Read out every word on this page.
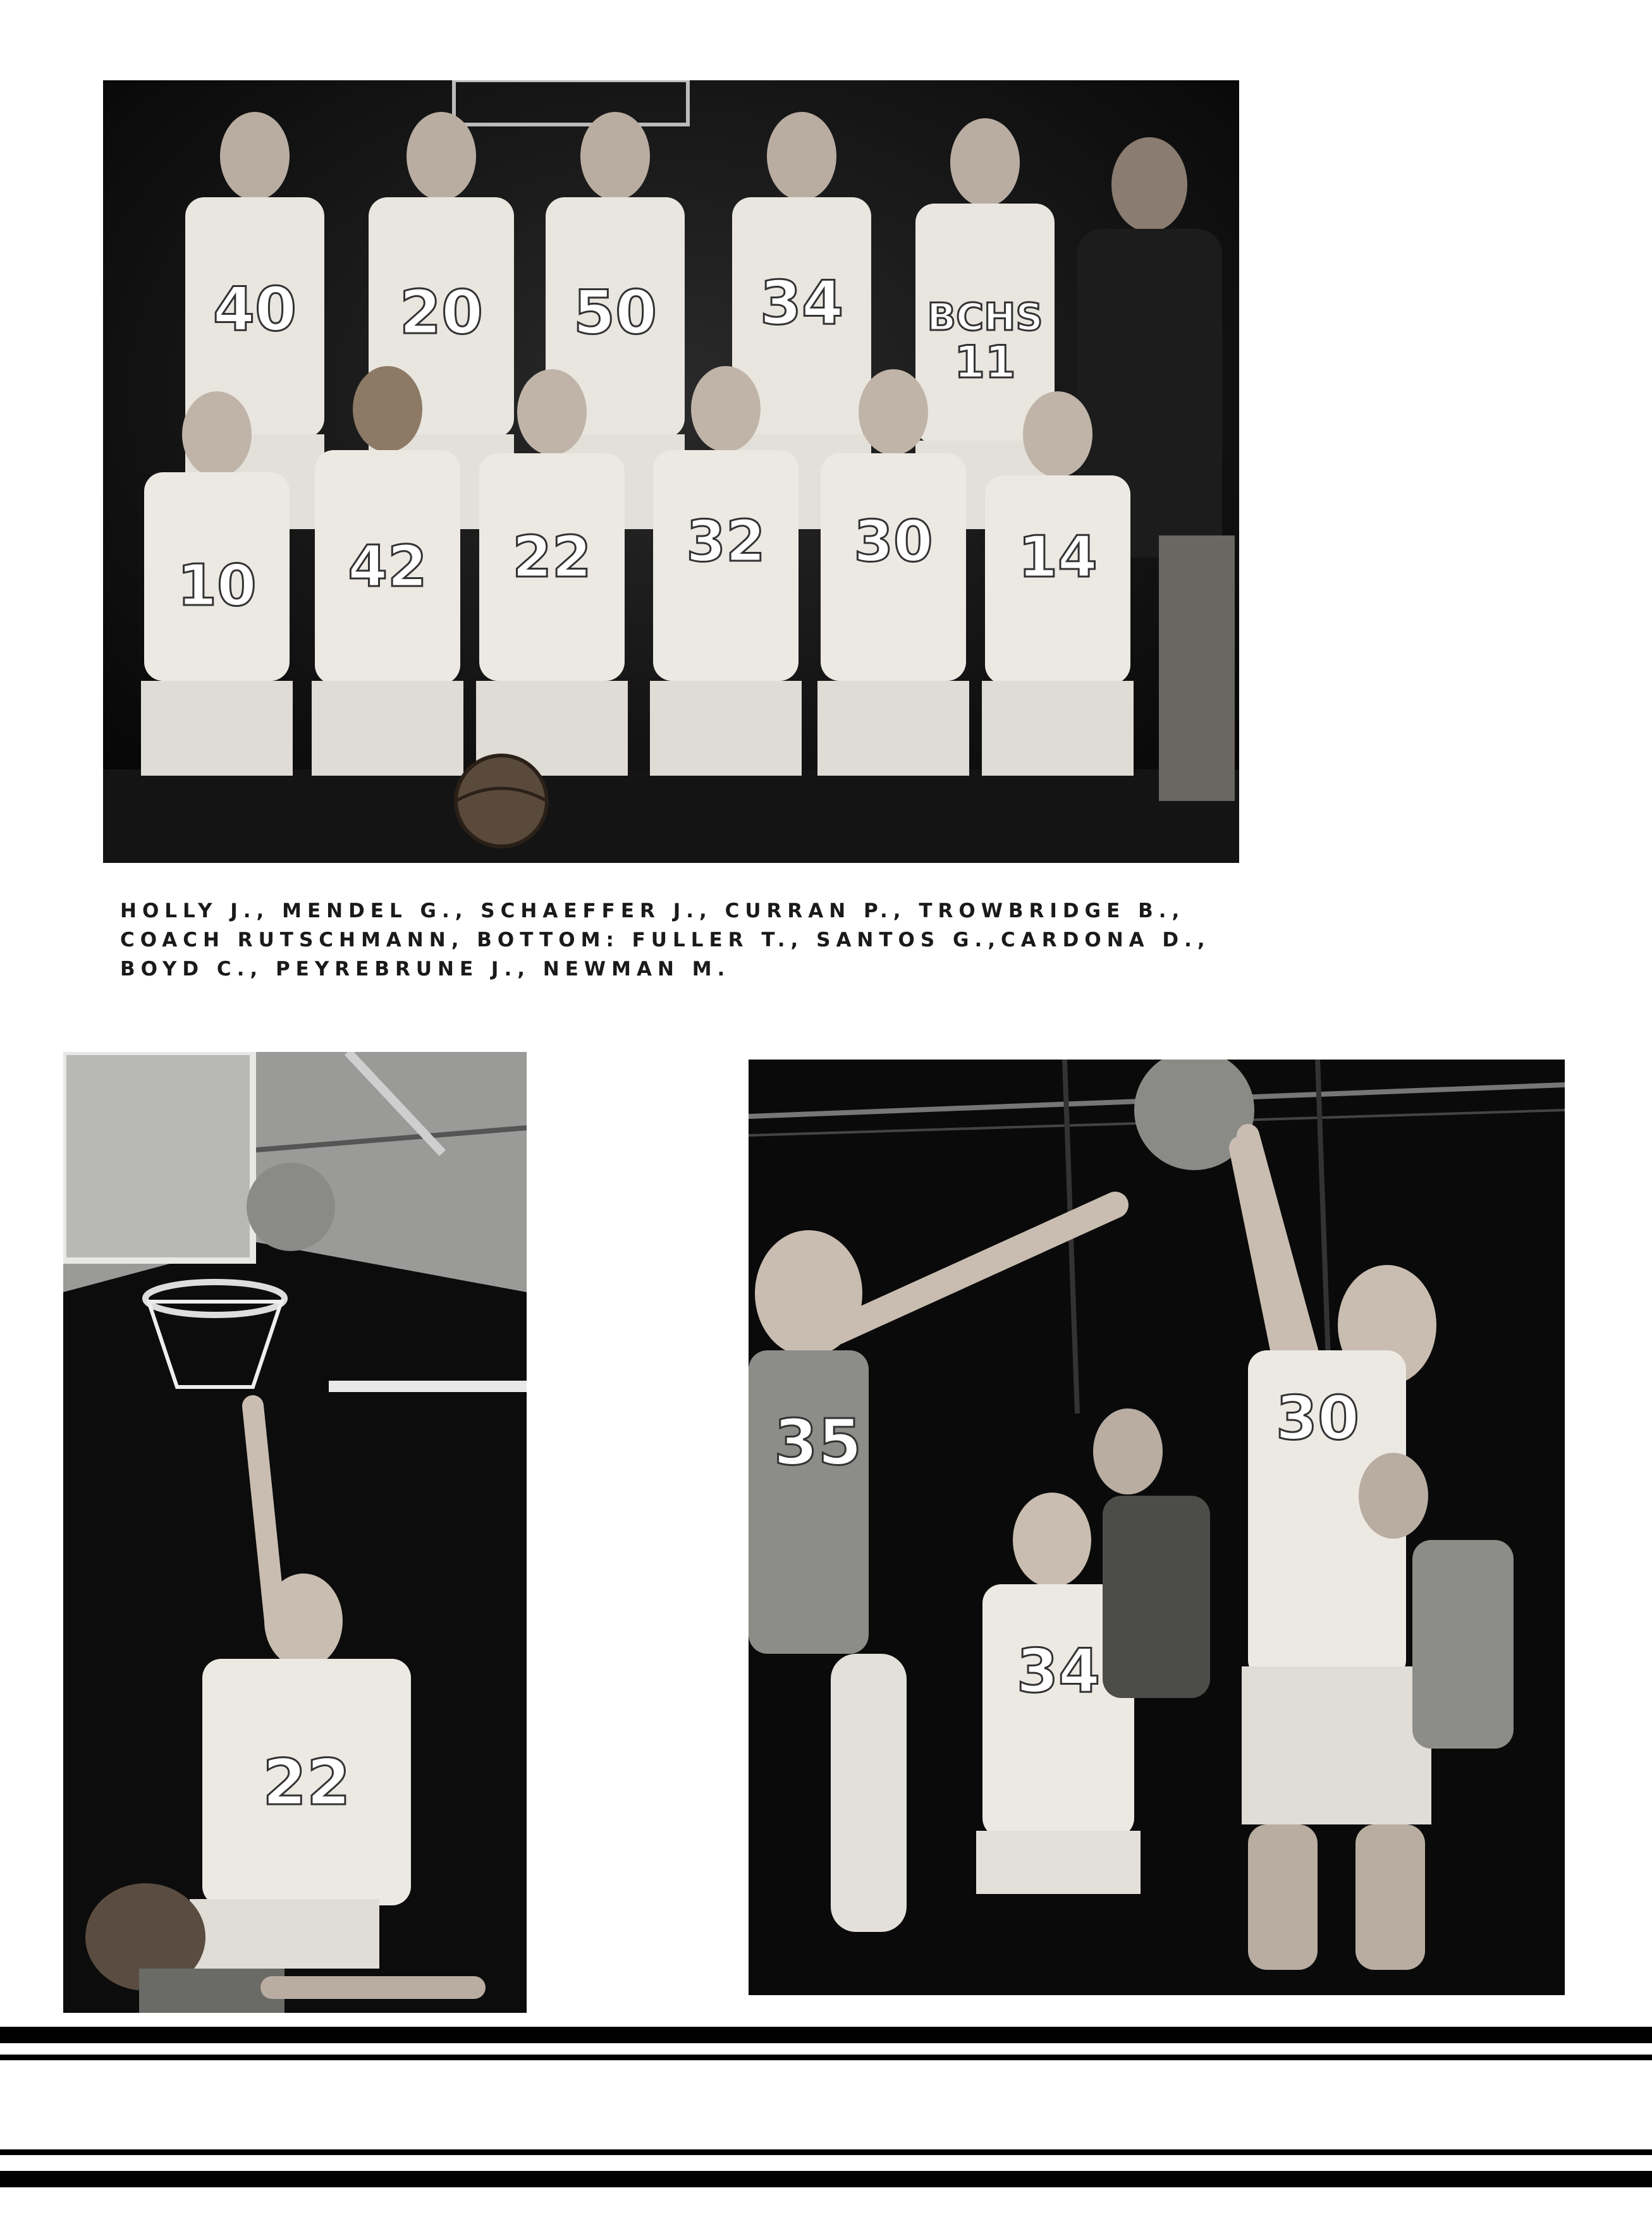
40 20 50 34 BCHS
11
10 42 22 32 30 14
HOLLY J., MENDEL G., SCHAEFFER J., CURRAN P., TROWBRIDGE B.,
COACH RUTSCHMANN, BOTTOM: FULLER T., SANTOS G.,CARDONA D.,
BOYD C., PEYREBRUNE J., NEWMAN M.
22
35
34
30
